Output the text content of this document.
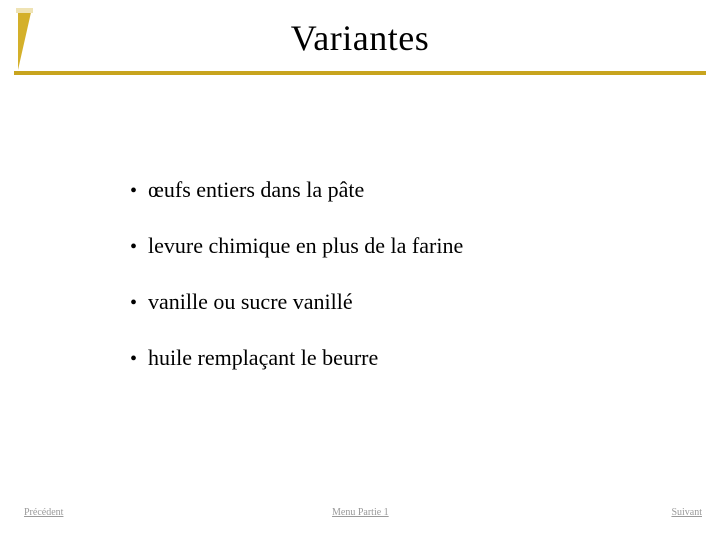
Variantes
• œufs entiers dans la pâte
• levure chimique en plus de la farine
• vanille ou sucre vanillé
• huile remplaçant le beurre
Précédent	Menu Partie 1	Suivant
